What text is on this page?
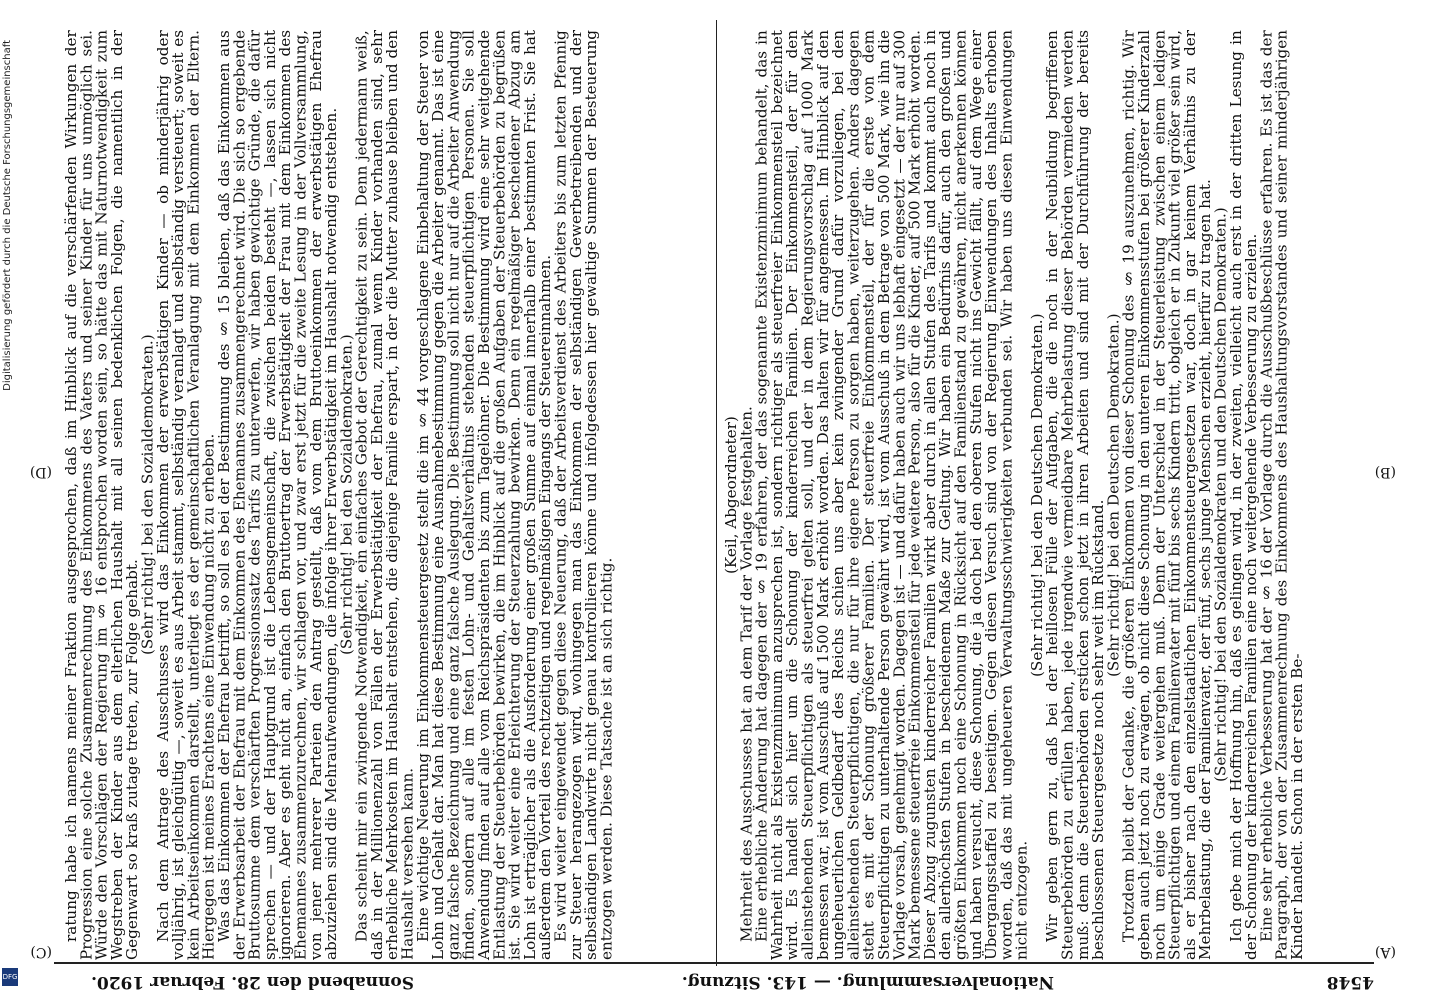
4548
Nationalversammlung. — 143. Sitzung.
Sonnabend den 28. Februar 1920.
(A)
(B)
(C)
(D)	(Keil, Abgeordneter)

Mehrheit des Ausschusses hat an dem Tarif der Vorlage festgehalten.

Eine erhebliche Änderung hat dagegen der § 19 erfahren, der das sogenannte Existenzminimum behandelt, das in Wahrheit nicht als Existenzminimum anzusprechen ist, sondern richtiger als steuerfreier Einkommensteil bezeichnet wird. Es handelt sich hier um die Schonung der kinderreichen Familien. Der Einkommensteil, der für den alleinstehenden Steuerpflichtigen als steuerfrei gelten soll, und der in dem Regierungsvorschlag auf 1000 Mark bemessen war, ist vom Ausschuß auf 1500 Mark erhöht worden. Das halten wir für angemessen. Im Hinblick auf den ungeheuerlichen Geldbedarf des Reichs schien uns aber kein zwingender Grund dafür vorzuliegen, bei den alleinstehenden Steuerpflichtigen, die nur für ihre eigene Person zu sorgen haben, weiterzugehen. Anders dagegen steht es mit der Schonung größerer Familien. Der steuerfreie Einkommensteil, der für die erste von dem Steuerpflichtigen zu unterhaltende Person gewährt wird, ist vom Ausschuß in dem Betrage von 500 Mark, wie ihn die Vorlage vorsah, genehmigt worden. Dagegen ist — und dafür haben auch wir uns lebhaft eingesetzt — der nur auf 300 Mark bemessene steuerfreie Einkommensteil für jede weitere Person, also für die Kinder, auf 500 Mark erhöht worden. Dieser Abzug zugunsten kinderreicher Familien wirkt aber durch in allen Stufen des Tarifs und kommt auch noch in den allerhöchsten Stufen in bescheidenem Maße zur Geltung. Wir haben ein Bedürfnis dafür, auch den großen und größten Einkommen noch eine Schonung in Rücksicht auf den Familienstand zu gewähren, nicht anerkennen können und haben versucht, diese Schonung, die ja doch bei den oberen Stufen nicht ins Gewicht fällt, auf dem Wege einer Übergangsstaffel zu beseitigen. Gegen diesen Versuch sind von der Regierung Einwendungen des Inhalts erhoben worden, daß das mit ungeheueren Verwaltungsschwierigkeiten verbunden sei. Wir haben uns diesen Einwendungen nicht entzogen.

(Sehr richtig! bei den Deutschen Demokraten.)

Wir geben gern zu, daß bei der heillosen Fülle der Aufgaben, die die noch in der Neubildung begriffenen Steuerbehörden zu erfüllen haben, jede irgendwie vermeidbare Mehrbelastung dieser Behörden vermieden werden muß: denn die Steuerbehörden ersticken schon jetzt in ihren Arbeiten und sind mit der Durchführung der bereits beschlossenen Steuergesetze noch sehr weit im Rückstand.

(Sehr richtig! bei den Deutschen Demokraten.)

Trotzdem bleibt der Gedanke, die größeren Einkommen von dieser Schonung des § 19 auszunehmen, richtig. Wir geben auch jetzt noch zu erwägen, ob nicht diese Schonung in den unteren Einkommensstufen bei größerer Kinderzahl noch um einige Grade weitergehen muß. Denn der Unterschied in der Steuerleistung zwischen einem ledigen Steuerpflichtigen und einem Familienvater mit fünf bis sechs Kindern tritt, obgleich er in Zukunft viel größer sein wird, als er bisher nach den einzelstaatlichen Einkommensteuergesetzen war, doch in gar keinem Verhältnis zu der Mehrbelastung, die der Familienvater, der fünf, sechs junge Menschen erzieht, hierfür zu tragen hat.

(Sehr richtig! bei den Sozialdemokraten und den Deutschen Demokraten.)

Ich gebe mich der Hoffnung hin, daß es gelingen wird, in der zweiten, vielleicht auch erst in der dritten Lesung in der Schonung der kinderreichen Familien eine noch weitergehende Verbesserung zu erzielen.

Eine sehr erhebliche Verbesserung hat der § 16 der Vorlage durch die Ausschußbeschlüsse erfahren. Es ist das der Paragraph, der von der Zusammenrechnung des Einkommens des Haushaltungsvorstandes und seiner minderjährigen Kinder handelt. Schon in der ersten Be-

ratung habe ich namens meiner Fraktion ausgesprochen, daß im Hinblick auf die verschärfenden Wirkungen der Progression eine solche Zusammenrechnung des Einkommens des Vaters und seiner Kinder für uns unmöglich sei. Würde den Vorschlägen der Regierung im § 16 entsprochen worden sein, so hätte das mit Naturnotwendigkeit zum Wegstreben der Kinder aus dem elterlichen Haushalt mit all seinen bedenklichen Folgen, die namentlich in der Gegenwart so kraß zutage treten, zur Folge gehabt.

(Sehr richtig! bei den Sozialdemokraten.)

Nach dem Antrage des Ausschusses wird das Einkommen der erwerbstätigen Kinder — ob minderjährig oder volljährig, ist gleichgültig —, soweit es aus Arbeit stammt, selbständig veranlagt und selbständig versteuert; soweit es kein Arbeitseinkommen darstellt, unterliegt es der gemeinschaftlichen Veranlagung mit dem Einkommen der Eltern. Hiergegen ist meines Erachtens eine Einwendung nicht zu erheben.

Was das Einkommen der Ehefrau betrifft, so soll es bei der Bestimmung des § 15 bleiben, daß das Einkommen aus der Erwerbsarbeit der Ehefrau mit dem Einkommen des Ehemannes zusammengerechnet wird. Die sich so ergebende Bruttosumme dem verschärften Progressionssatz des Tarifs zu unterwerfen, wir haben gewichtige Gründe, die dafür sprechen — und der Hauptgrund ist die Lebensgemeinschaft, die zwischen beiden besteht —, lassen sich nicht ignorieren. Aber es geht nicht an, einfach den Bruttoertrag der Erwerbstätigkeit der Frau mit dem Einkommen des Ehemannes zusammenzurechnen, wir schlagen vor, und zwar erst jetzt für die zweite Lesung in der Vollversammlung, von jener mehrerer Parteien den Antrag gestellt, daß vom dem Bruttoeinkommen der erwerbstätigen Ehefrau abzuziehen sind die Mehraufwendungen, die infolge ihrer Erwerbstätigkeit im Haushalt notwendig entstehen.

(Sehr richtig! bei den Sozialdemokraten.)

Das scheint mir ein zwingende Notwendigkeit, ein einfaches Gebot der Gerechtigkeit zu sein. Denn jedermann weiß, daß in der Millionenzahl von Fällen der Erwerbstätigkeit der Ehefrau, zumal wenn Kinder vorhanden sind, sehr erhebliche Mehrkosten im Haushalt entstehen, die diejenige Familie erspart, in der die Mutter zuhause bleiben und den Haushalt versehen kann.

Eine wichtige Neuerung im Einkommensteuergesetz stellt die im § 44 vorgeschlagene Einbehaltung der Steuer von Lohn und Gehalt dar. Man hat diese Bestimmung eine Ausnahmebestimmung gegen die Arbeiter genannt. Das ist eine ganz falsche Bezeichnung und eine ganz falsche Auslegung. Die Bestimmung soll nicht nur auf die Arbeiter Anwendung finden, sondern auf alle im festen Lohn- und Gehaltsverhältnis stehenden steuerpflichtigen Personen. Sie soll Anwendung finden auf alle vom Reichspräsidenten bis zum Tagelöhner. Die Bestimmung wird eine sehr weitgehende Entlastung der Steuerbehörden bewirken, die im Hinblick auf die großen Aufgaben der Steuerbehörden zu begrüßen ist. Sie wird weiter eine Erleichterung der Steuerzahlung bewirken. Denn ein regelmäßiger bescheidener Abzug am Lohn ist erträglicher als die Ausforderung einer großen Summe auf einmal innerhalb einer bestimmten Frist. Sie hat außerdem den Vorteil des rechtzeitigen und regelmäßigen Eingangs der Steuereinnahmen.

Es wird weiter eingewendet gegen diese Neuerung, daß der Arbeitsverdienst des Arbeiters bis zum letzten Pfennig zur Steuer herangezogen wird, wohingegen man das Einkommen der selbständigen Gewerbetreibenden und der selbständigen Landwirte nicht genau kontrollieren könne und infolgedessen hier gewaltige Summen der Besteuerung entzogen werden. Diese Tatsache ist an sich richtig.

Digitalisierung gefördert durch die Deutsche Forschungsgemeinschaft
DFG
